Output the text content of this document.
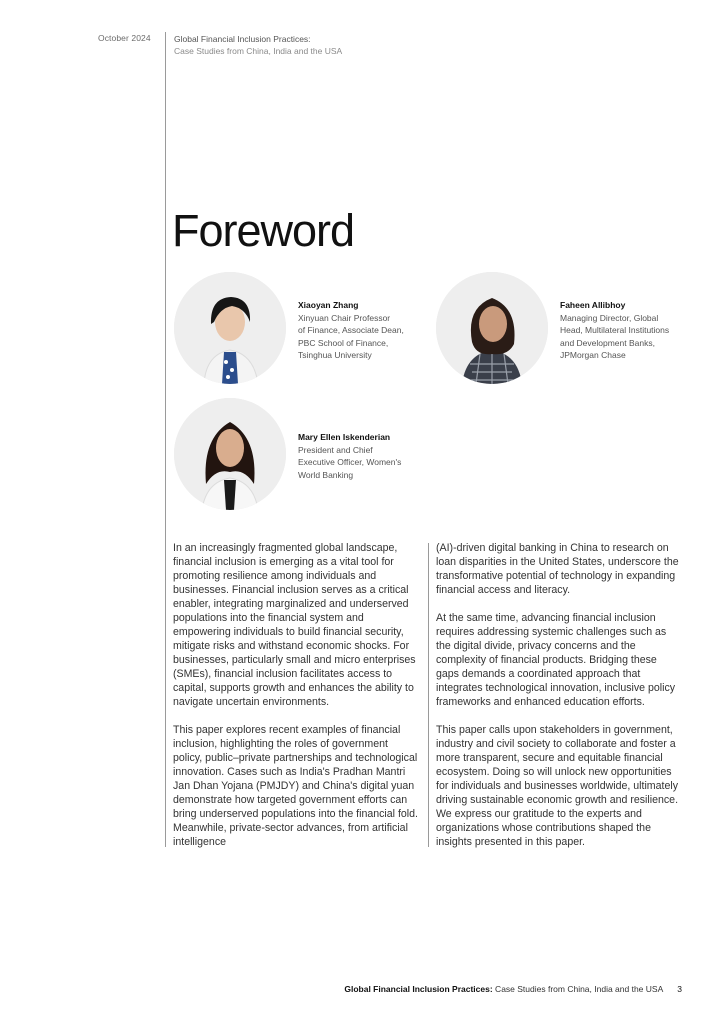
October 2024	Global Financial Inclusion Practices:
Case Studies from China, India and the USA
Foreword
Xiaoyan Zhang
Xinyuan Chair Professor
of Finance, Associate Dean,
PBC School of Finance,
Tsinghua University
Faheen Allibhoy
Managing Director, Global
Head, Multilateral Institutions
and Development Banks,
JPMorgan Chase
Mary Ellen Iskenderian
President and Chief
Executive Officer, Women's
World Banking

In an increasingly fragmented global landscape, financial inclusion is emerging as a vital tool for promoting resilience among individuals and businesses. Financial inclusion serves as a critical enabler, integrating marginalized and underserved populations into the financial system and empowering individuals to build financial security, mitigate risks and withstand economic shocks. For businesses, particularly small and micro enterprises (SMEs), financial inclusion facilitates access to capital, supports growth and enhances the ability to navigate uncertain environments.

This paper explores recent examples of financial inclusion, highlighting the roles of government policy, public–private partnerships and technological innovation. Cases such as India's Pradhan Mantri Jan Dhan Yojana (PMJDY) and China's digital yuan demonstrate how targeted government efforts can bring underserved populations into the financial fold. Meanwhile, private-sector advances, from artificial intelligence

(AI)-driven digital banking in China to research on loan disparities in the United States, underscore the transformative potential of technology in expanding financial access and literacy.

At the same time, advancing financial inclusion requires addressing systemic challenges such as the digital divide, privacy concerns and the complexity of financial products. Bridging these gaps demands a coordinated approach that integrates technological innovation, inclusive policy frameworks and enhanced education efforts.

This paper calls upon stakeholders in government, industry and civil society to collaborate and foster a more transparent, secure and equitable financial ecosystem. Doing so will unlock new opportunities for individuals and businesses worldwide, ultimately driving sustainable economic growth and resilience. We express our gratitude to the experts and organizations whose contributions shaped the insights presented in this paper.

Global Financial Inclusion Practices: Case Studies from China, India and the USA 3
